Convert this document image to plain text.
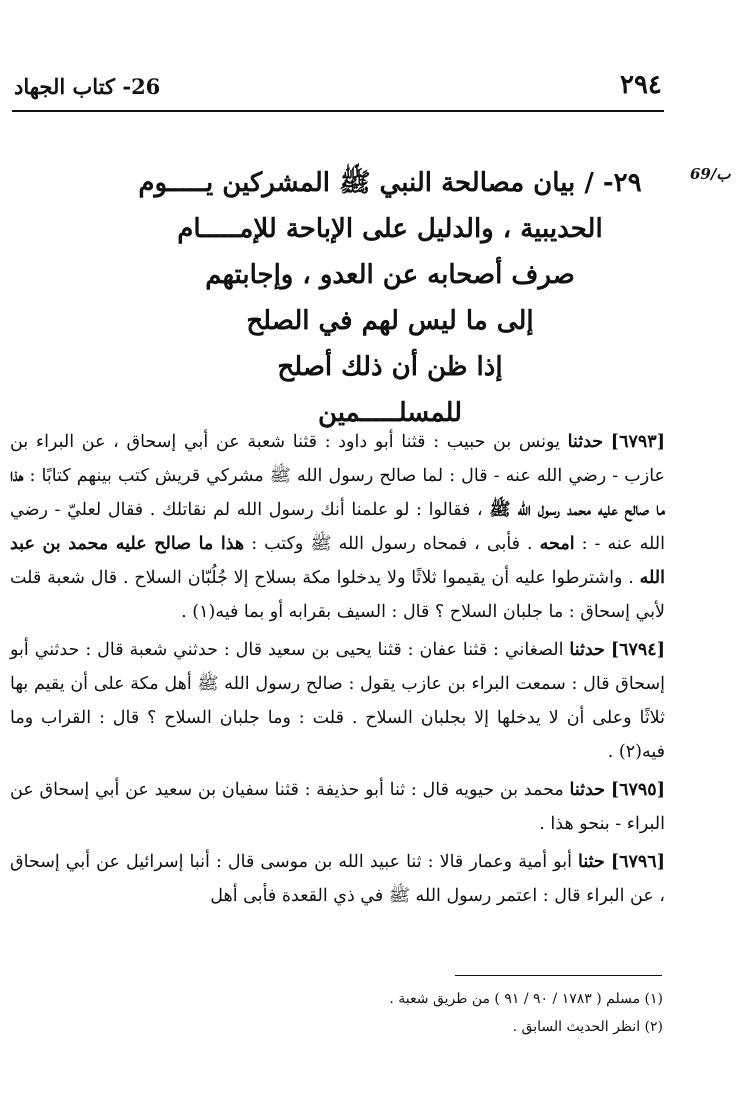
٢٩٤
26- كتاب الجهاد
69/ب
٢٩- / بيان مصالحة النبي ﷺ المشركين يـــــوم
الحديبية ، والدليل على الإباحة للإمـــــام
صرف أصحابه عن العدو ، وإجابتهم
إلى ما ليس لهم في الصلح
إذا ظن أن ذلك أصلح
للمسلـــــمين

[٦٧٩٣] حدثنا يونس بن حبيب : قثنا أبو داود : قثنا شعبة عن أبي إسحاق ، عن البراء بن عازب - رضي الله عنه - قال : لما صالح رسول الله ﷺ مشركي قريش كتب بينهم كتابًا : هذا ما صالح عليه محمد رسول الله ﷺ ، فقالوا : لو علمنا أنك رسول الله لم نقاتلك . فقال لعليّ - رضي الله عنه - : امحه . فأبى ، فمحاه رسول الله ﷺ وكتب : هذا ما صالح عليه محمد بن عبد الله . واشترطوا عليه أن يقيموا ثلاثًا ولا يدخلوا مكة بسلاح إلا جُلُبّان السلاح . قال شعبة قلت لأبي إسحاق : ما جلبان السلاح ؟ قال : السيف بقرابه أو بما فيه(١) .

[٦٧٩٤] حدثنا الصغاني : قثنا عفان : قثنا يحيى بن سعيد قال : حدثني شعبة قال : حدثني أبو إسحاق قال : سمعت البراء بن عازب يقول : صالح رسول الله ﷺ أهل مكة على أن يقيم بها ثلاثًا وعلى أن لا يدخلها إلا بجلبان السلاح . قلت : وما جلبان السلاح ؟ قال : القراب وما فيه(٢) .

[٦٧٩٥] حدثنا محمد بن حيويه قال : ثنا أبو حذيفة : قثنا سفيان بن سعيد عن أبي إسحاق عن البراء - بنحو هذا .

[٦٧٩٦] حثنا أبو أمية وعمار قالا : ثنا عبيد الله بن موسى قال : أنبا إسرائيل عن أبي إسحاق ، عن البراء قال : اعتمر رسول الله ﷺ في ذي القعدة فأبى أهل

(١) مسلم ( ١٧٨٣ / ٩٠ / ٩١ ) من طريق شعبة .

(٢) انظر الحديث السابق .
